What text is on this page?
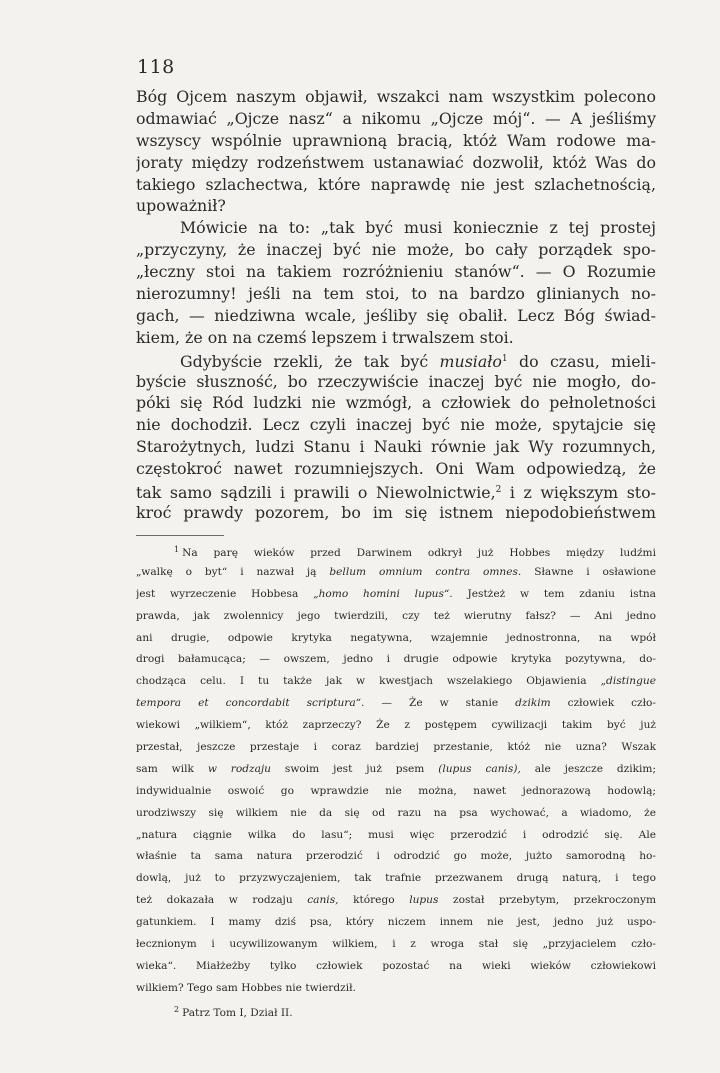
118
Bóg Ojcem naszym objawił, wszakci nam wszystkim polecono
odmawiać „Ojcze nasz“ a nikomu „Ojcze mój“. — A jeśliśmy
wszyscy wspólnie uprawnioną bracią, któż Wam rodowe ma-
joraty między rodzeństwem ustanawiać dozwolił, któż Was do
takiego szlachectwa, które naprawdę nie jest szlachetnością,
upoważnił?
Mówicie na to: „tak być musi koniecznie z tej prostej
„przyczyny, że inaczej być nie może, bo cały porządek spo-
„łeczny stoi na takiem rozróżnieniu stanów“. — O Rozumie
nierozumny! jeśli na tem stoi, to na bardzo glinianych no-
gach, — niedziwna wcale, jeśliby się obalił. Lecz Bóg świad-
kiem, że on na czemś lepszem i trwalszem stoi.
Gdybyście rzekli, że tak być musiało$^1$ do czasu, mieli-
byście słuszność, bo rzeczywiście inaczej być nie mogło, do-
póki się Ród ludzki nie wzmógł, a człowiek do pełnoletności
nie dochodził. Lecz czyli inaczej być nie może, spytajcie się
Starożytnych, ludzi Stanu i Nauki równie jak Wy rozumnych,
częstokroć nawet rozumniejszych. Oni Wam odpowiedzą, że
tak samo sądzili i prawili o Niewolnictwie,$^2$ i z większym sto-
kroć prawdy pozorem, bo im się istnem niepodobieństwem
$^1$ Na parę wieków przed Darwinem odkrył już Hobbes między ludźmi
„walkę o byt“ i nazwał ją bellum omnium contra omnes. Sławne i osławione
jest wyrzeczenie Hobbesa „homo homini lupus“. Jestżeż w tem zdaniu istna
prawda, jak zwolennicy jego twierdzili, czy też wierutny fałsz? — Ani jedno
ani drugie, odpowie krytyka negatywna, wzajemnie jednostronna, na wpół
drogi bałamucąca; — owszem, jedno i drugie odpowie krytyka pozytywna, do-
chodząca celu. I tu także jak w kwestjach wszelakiego Objawienia „distingue
tempora et concordabit scriptura“. — Że w stanie dzikim człowiek czło-
wiekowi „wilkiem“, któż zaprzeczy? Że z postępem cywilizacji takim być już
przestał, jeszcze przestaje i coraz bardziej przestanie, któż nie uzna? Wszak
sam wilk w rodzaju swoim jest już psem (lupus canis), ale jeszcze dzikim;
indywidualnie oswoić go wprawdzie nie można, nawet jednorazową hodowlą;
urodziwszy się wilkiem nie da się od razu na psa wychować, a wiadomo, że
„natura ciągnie wilka do lasu“; musi więc przerodzić i odrodzić się. Ale
właśnie ta sama natura przerodzić i odrodzić go może, jużto samorodną ho-
dowlą, już to przyzwyczajeniem, tak trafnie przezwanem drugą naturą, i tego
też dokazała w rodzaju canis, którego lupus został przebytym, przekroczonym
gatunkiem. I mamy dziś psa, który niczem innem nie jest, jedno już uspo-
łecznionym i ucywilizowanym wilkiem, i z wroga stał się „przyjacielem czło-
wieka“. Miałżeżby tylko człowiek pozostać na wieki wieków człowiekowi
wilkiem? Tego sam Hobbes nie twierdził.
$^2$ Patrz Tom I, Dział II.
